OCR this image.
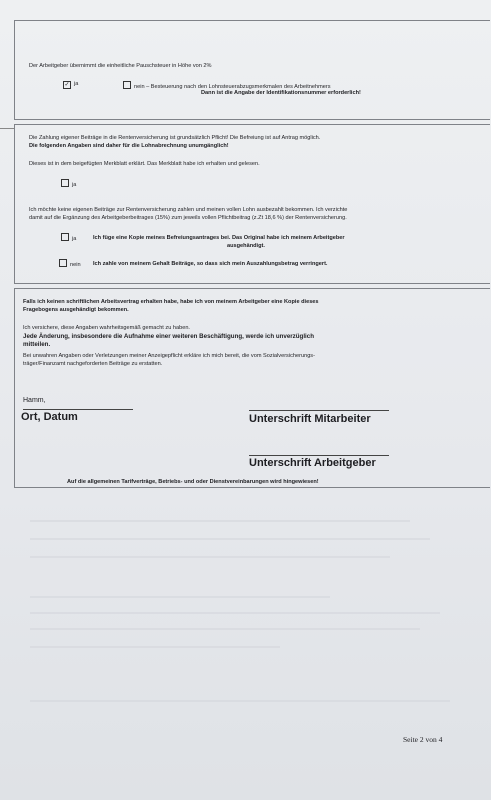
Der Arbeitgeber übernimmt die einheitliche Pauschsteuer in Höhe von 2%
✓ ja	nein – Besteuerung nach den Lohnsteuerabzugsmerkmalen des Arbeitnehmers
Dann ist die Angabe der Identifikationsnummer erforderlich!
Die Zahlung eigener Beiträge in die Rentenversicherung ist grundsätzlich Pflicht! Die Befreiung ist auf Antrag möglich.
Die folgenden Angaben sind daher für die Lohnabrechnung unumgänglich!
Dieses ist in dem beigefügten Merkblatt erklärt. Das Merkblatt habe ich erhalten und gelesen.
ja
Ich möchte keine eigenen Beiträge zur Rentenversicherung zahlen und meinen vollen Lohn ausbezahlt bekommen. Ich verzichte
damit auf die Ergänzung des Arbeitgeberbeitrages (15%) zum jeweils vollen Pflichtbeitrag (z.Zt 18,6 %) der Rentenversicherung.
ja	Ich füge eine Kopie meines Befreiungsantrages bei. Das Original habe ich meinem Arbeitgeber
ausgehändigt.
nein Ich zahle von meinem Gehalt Beiträge, so dass sich mein Auszahlungsbetrag verringert.
Falls ich keinen schriftlichen Arbeitsvertrag erhalten habe, habe ich von meinem Arbeitgeber eine Kopie dieses
Fragebogens ausgehändigt bekommen.
Ich versichere, diese Angaben wahrheitsgemäß gemacht zu haben.
Jede Änderung, insbesondere die Aufnahme einer weiteren Beschäftigung, werde ich unverzüglich
mitteilen.
Bei unwahren Angaben oder Verletzungen meiner Anzeigepflicht erkläre ich mich bereit, die vom Sozialversicherungs-
träger/Finanzamt nachgeforderten Beiträge zu erstatten.
Hamm,
Ort, Datum	Unterschrift Mitarbeiter
Unterschrift Arbeitgeber
Auf die allgemeinen Tarifverträge, Betriebs- und oder Dienstvereinbarungen wird hingewiesen!
Seite 2 von 4
